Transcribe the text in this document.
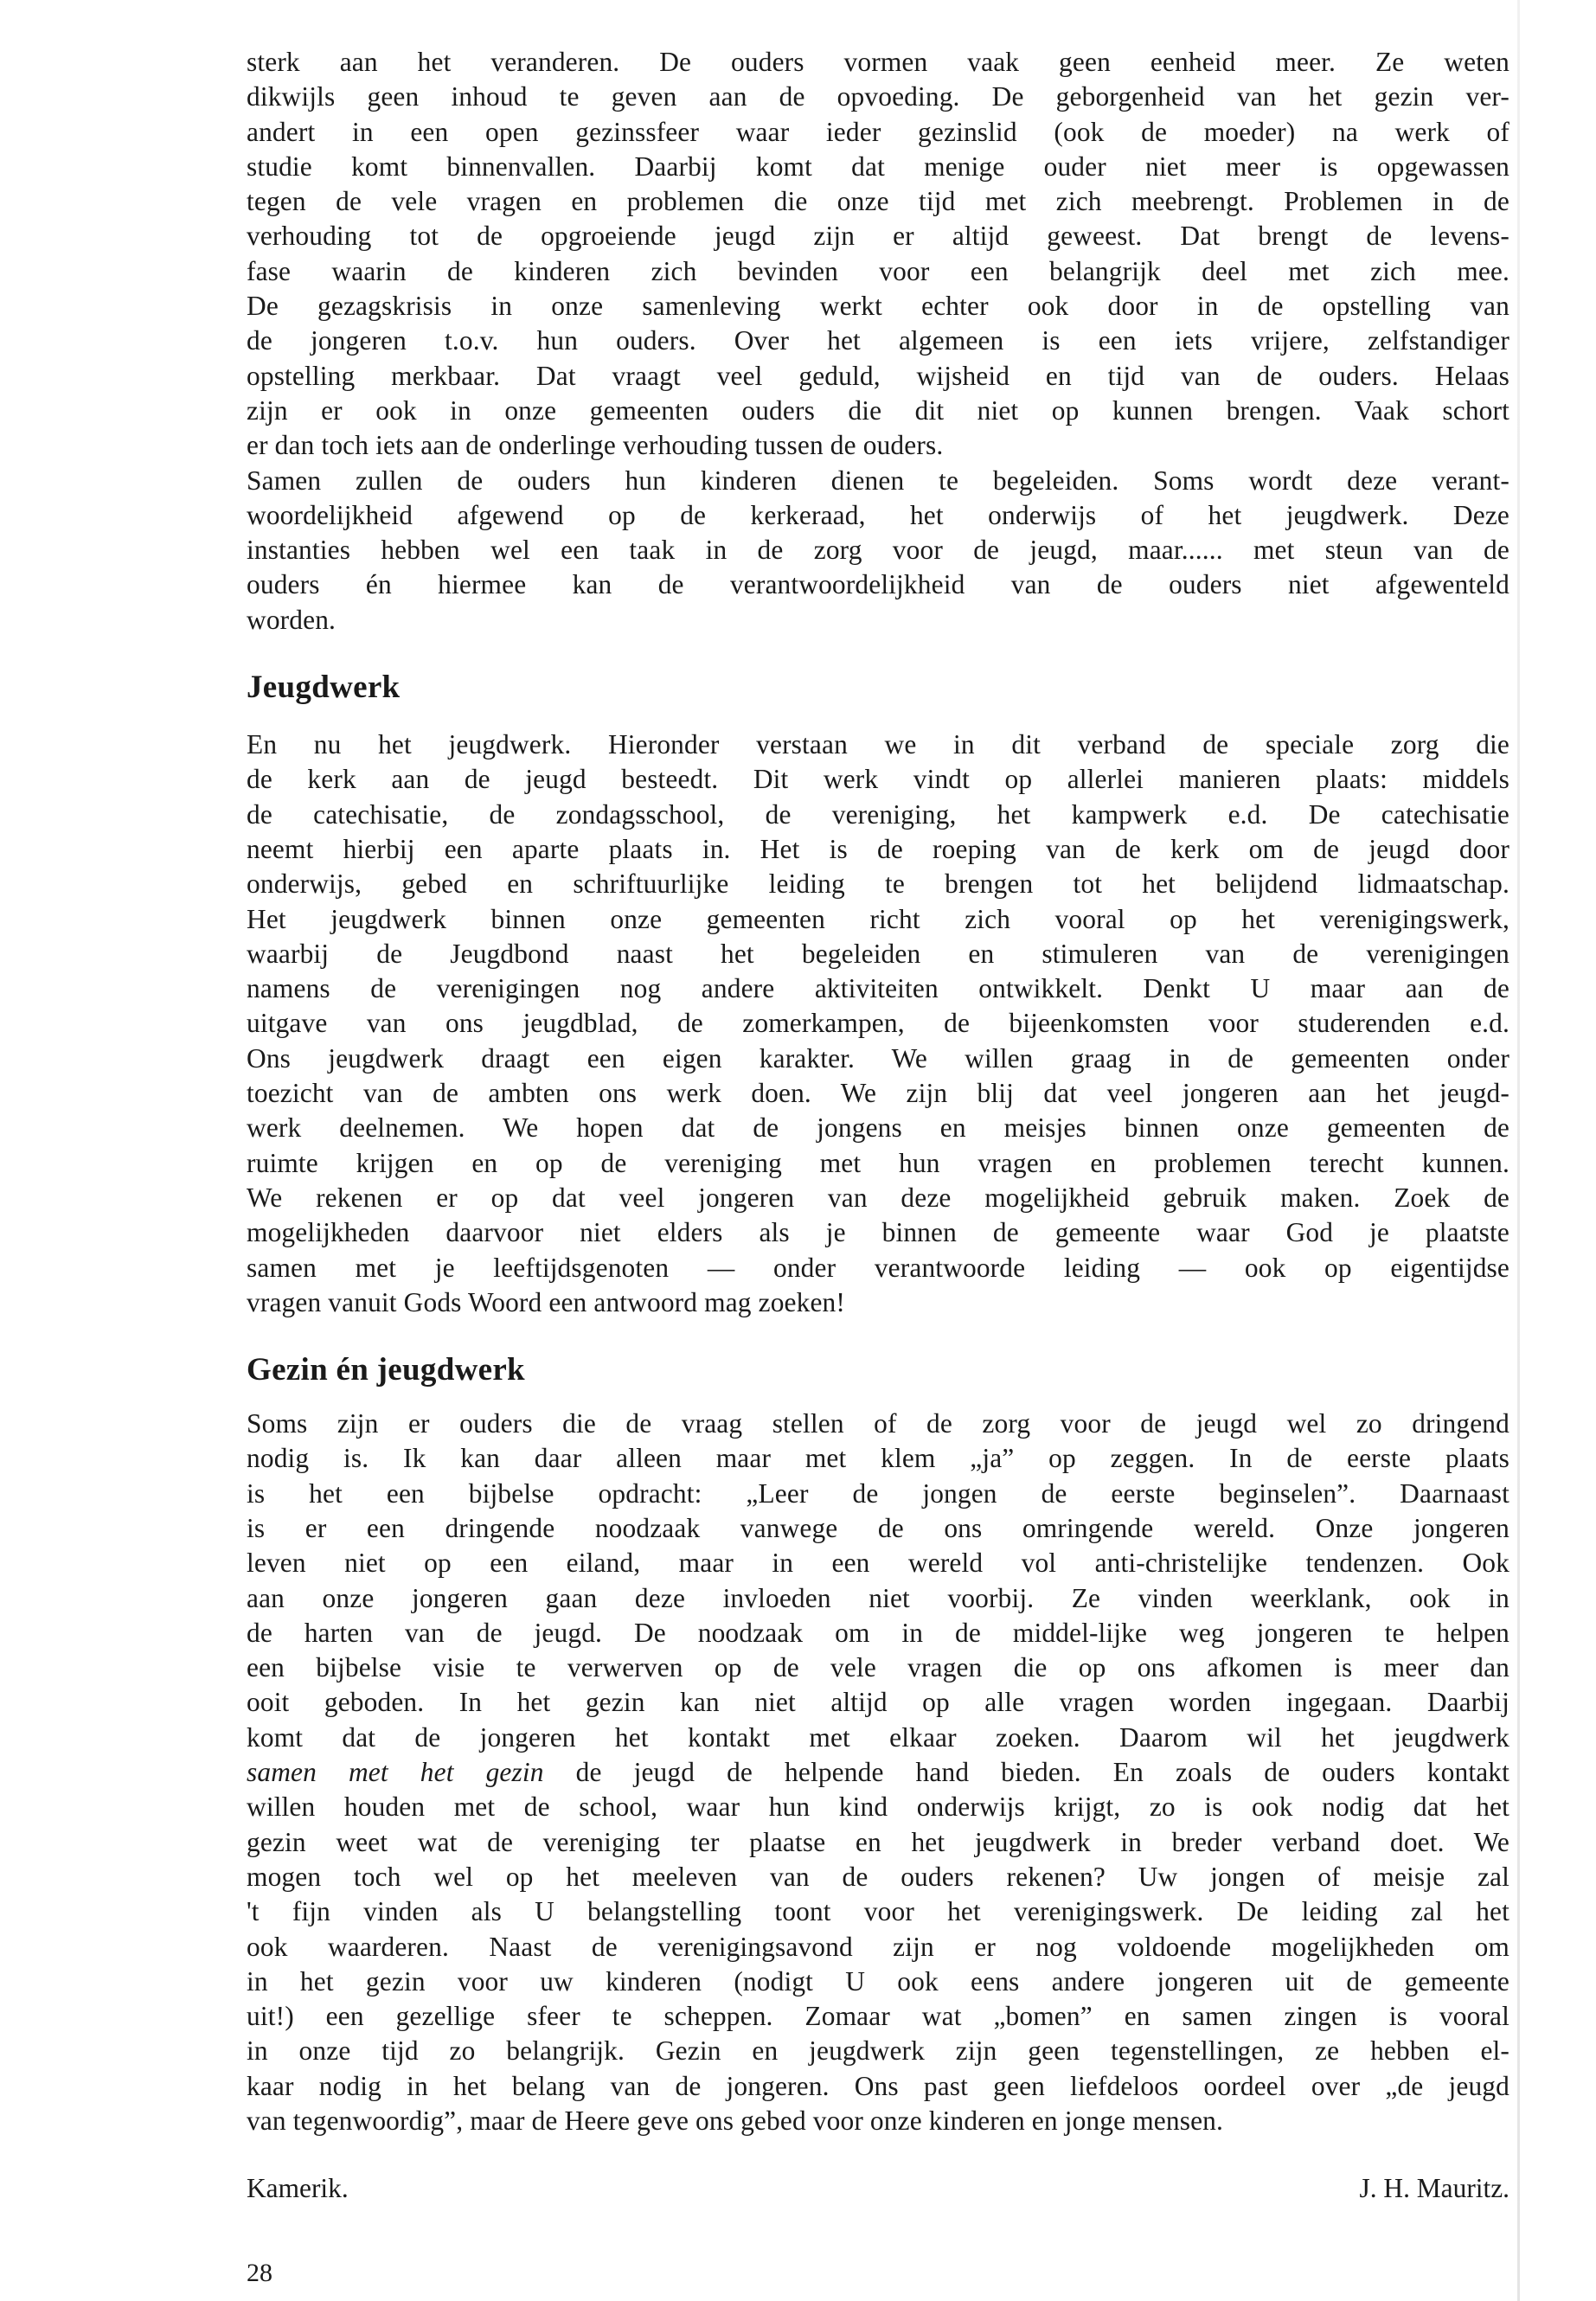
sterk aan het veranderen. De ouders vormen vaak geen eenheid meer. Ze weten
dikwijls geen inhoud te geven aan de opvoeding. De geborgenheid van het gezin ver-
andert in een open gezinssfeer waar ieder gezinslid (ook de moeder) na werk of
studie komt binnenvallen. Daarbij komt dat menige ouder niet meer is opgewassen
tegen de vele vragen en problemen die onze tijd met zich meebrengt. Problemen in de
verhouding tot de opgroeiende jeugd zijn er altijd geweest. Dat brengt de levens-
fase waarin de kinderen zich bevinden voor een belangrijk deel met zich mee.
De gezagskrisis in onze samenleving werkt echter ook door in de opstelling van
de jongeren t.o.v. hun ouders. Over het algemeen is een iets vrijere, zelfstandiger
opstelling merkbaar. Dat vraagt veel geduld, wijsheid en tijd van de ouders. Helaas
zijn er ook in onze gemeenten ouders die dit niet op kunnen brengen. Vaak schort
er dan toch iets aan de onderlinge verhouding tussen de ouders.
Samen zullen de ouders hun kinderen dienen te begeleiden. Soms wordt deze verant-
woordelijkheid afgewend op de kerkeraad, het onderwijs of het jeugdwerk. Deze
instanties hebben wel een taak in de zorg voor de jeugd, maar...... met steun van de
ouders én hiermee kan de verantwoordelijkheid van de ouders niet afgewenteld
worden.
Jeugdwerk
En nu het jeugdwerk. Hieronder verstaan we in dit verband de speciale zorg die
de kerk aan de jeugd besteedt. Dit werk vindt op allerlei manieren plaats: middels
de catechisatie, de zondagsschool, de vereniging, het kampwerk e.d. De catechisatie
neemt hierbij een aparte plaats in. Het is de roeping van de kerk om de jeugd door
onderwijs, gebed en schriftuurlijke leiding te brengen tot het belijdend lidmaatschap.
Het jeugdwerk binnen onze gemeenten richt zich vooral op het verenigingswerk,
waarbij de Jeugdbond naast het begeleiden en stimuleren van de verenigingen
namens de verenigingen nog andere aktiviteiten ontwikkelt. Denkt U maar aan de
uitgave van ons jeugdblad, de zomerkampen, de bijeenkomsten voor studerenden e.d.
Ons jeugdwerk draagt een eigen karakter. We willen graag in de gemeenten onder
toezicht van de ambten ons werk doen. We zijn blij dat veel jongeren aan het jeugd-
werk deelnemen. We hopen dat de jongens en meisjes binnen onze gemeenten de
ruimte krijgen en op de vereniging met hun vragen en problemen terecht kunnen.
We rekenen er op dat veel jongeren van deze mogelijkheid gebruik maken. Zoek de
mogelijkheden daarvoor niet elders als je binnen de gemeente waar God je plaatste
samen met je leeftijdsgenoten — onder verantwoorde leiding — ook op eigentijdse
vragen vanuit Gods Woord een antwoord mag zoeken!
Gezin én jeugdwerk
Soms zijn er ouders die de vraag stellen of de zorg voor de jeugd wel zo dringend
nodig is. Ik kan daar alleen maar met klem „ja” op zeggen. In de eerste plaats
is het een bijbelse opdracht: „Leer de jongen de eerste beginselen”. Daarnaast
is er een dringende noodzaak vanwege de ons omringende wereld. Onze jongeren
leven niet op een eiland, maar in een wereld vol anti-christelijke tendenzen. Ook
aan onze jongeren gaan deze invloeden niet voorbij. Ze vinden weerklank, ook in
de harten van de jeugd. De noodzaak om in de middel-lijke weg jongeren te helpen
een bijbelse visie te verwerven op de vele vragen die op ons afkomen is meer dan
ooit geboden. In het gezin kan niet altijd op alle vragen worden ingegaan. Daarbij
komt dat de jongeren het kontakt met elkaar zoeken. Daarom wil het jeugdwerk
samen met het gezin de jeugd de helpende hand bieden. En zoals de ouders kontakt
willen houden met de school, waar hun kind onderwijs krijgt, zo is ook nodig dat het
gezin weet wat de vereniging ter plaatse en het jeugdwerk in breder verband doet. We
mogen toch wel op het meeleven van de ouders rekenen? Uw jongen of meisje zal
't fijn vinden als U belangstelling toont voor het verenigingswerk. De leiding zal het
ook waarderen. Naast de verenigingsavond zijn er nog voldoende mogelijkheden om
in het gezin voor uw kinderen (nodigt U ook eens andere jongeren uit de gemeente
uit!) een gezellige sfeer te scheppen. Zomaar wat „bomen” en samen zingen is vooral
in onze tijd zo belangrijk. Gezin en jeugdwerk zijn geen tegenstellingen, ze hebben el-
kaar nodig in het belang van de jongeren. Ons past geen liefdeloos oordeel over „de jeugd
van tegenwoordig”, maar de Heere geve ons gebed voor onze kinderen en jonge mensen.
Kamerik.	J. H. Mauritz.
28
